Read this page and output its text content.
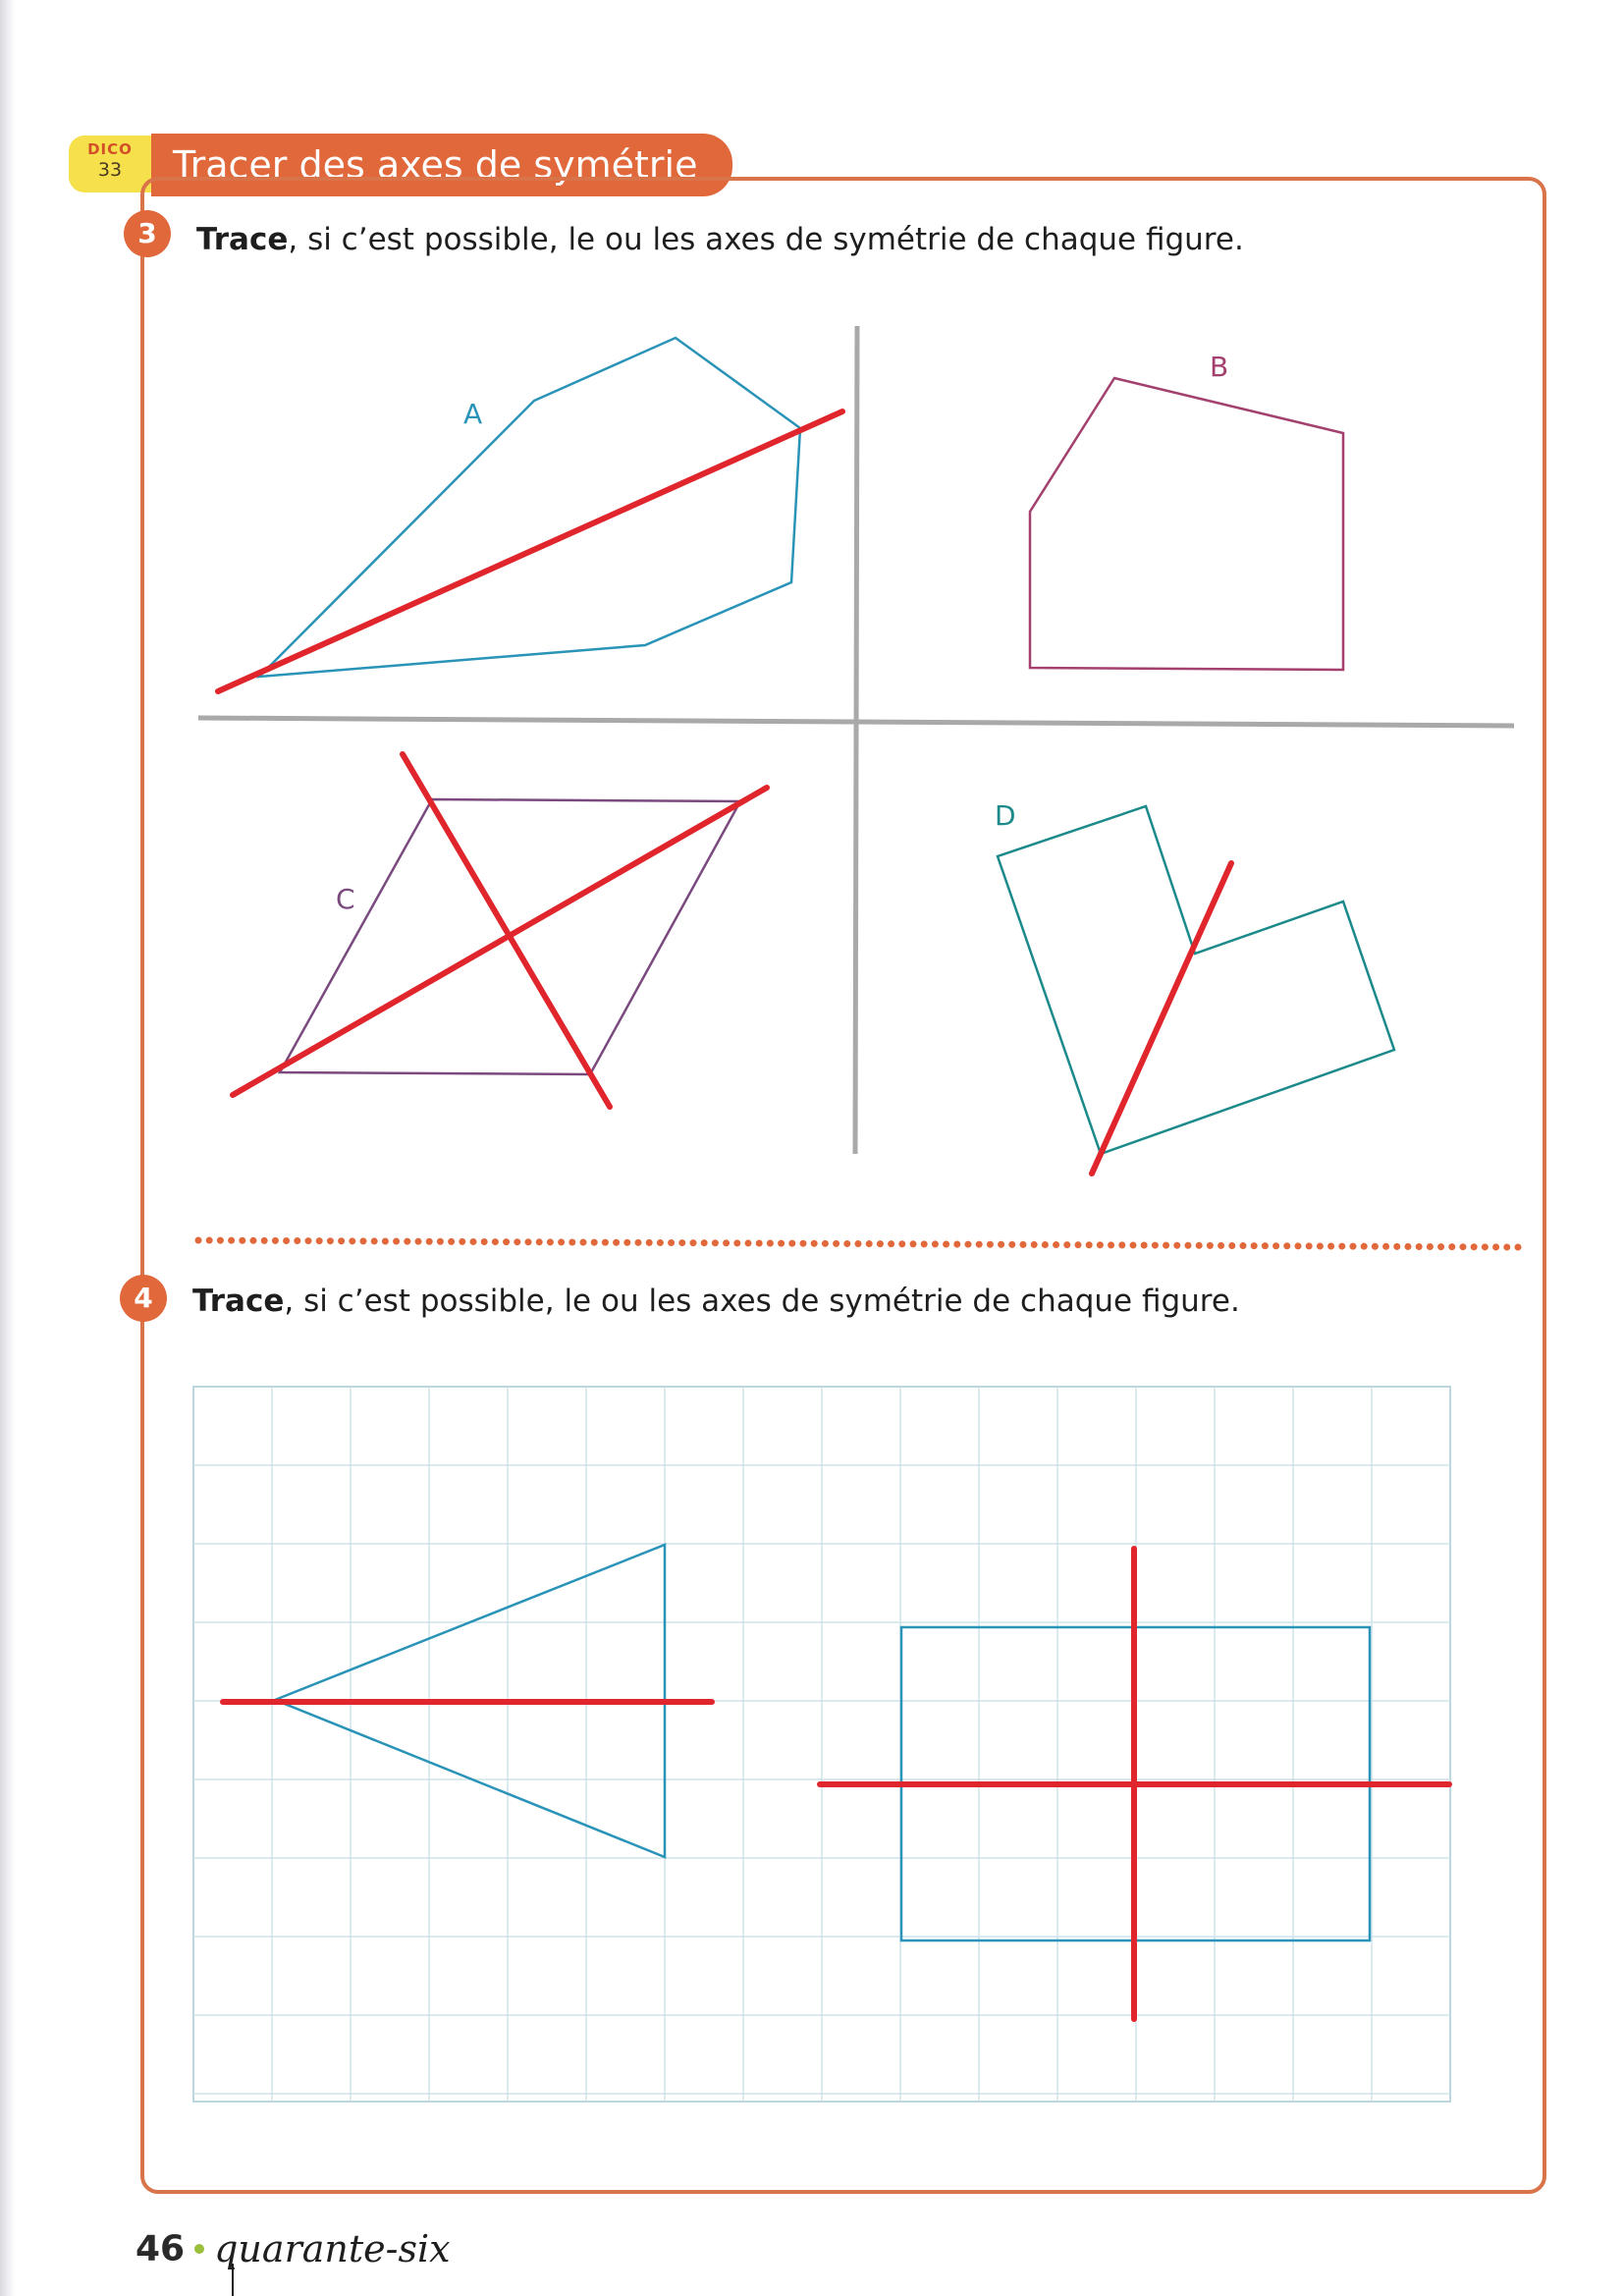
DICO
33	Tracer des axes de symétrie
3	Trace, si c’est possible, le ou les axes de symétrie de chaque figure.
4	Trace, si c’est possible, le ou les axes de symétrie de chaque figure.
A
B
C
D
46 quarante-six
